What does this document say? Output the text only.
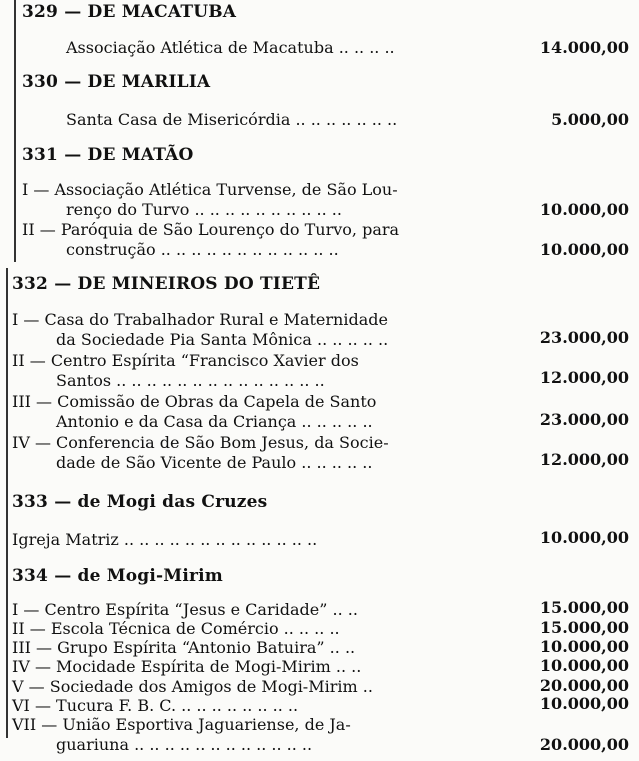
329 — DE MACATUBA
Associação Atlética de Macatuba .. .. .. ..	14.000,00
330 — DE MARILIA
Santa Casa de Misericórdia .. .. .. .. .. .. ..	5.000,00
331 — DE MATÃO
I — Associação Atlética Turvense, de São Lou-
renço do Turvo .. .. .. .. .. .. .. .. .. ..	10.000,00
II — Paróquia de São Lourenço do Turvo, para
construção .. .. .. .. .. .. .. .. .. .. .. ..	10.000,00
332 — DE MINEIROS DO TIETÊ
I — Casa do Trabalhador Rural e Maternidade
da Sociedade Pia Santa Mônica .. .. .. .. ..	23.000,00
II — Centro Espírita “Francisco Xavier dos
Santos .. .. .. .. .. .. .. .. .. .. .. .. .. ..	12.000,00
III — Comissão de Obras da Capela de Santo
Antonio e da Casa da Criança .. .. .. .. ..	23.000,00
IV — Conferencia de São Bom Jesus, da Socie-
dade de São Vicente de Paulo .. .. .. .. ..	12.000,00
333 — de Mogi das Cruzes
Igreja Matriz .. .. .. .. .. .. .. .. .. .. .. .. ..	10.000,00
334 — de Mogi-Mirim
I — Centro Espírita “Jesus e Caridade” .. ..	15.000,00
II — Escola Técnica de Comércio .. .. .. ..	15.000,00
III — Grupo Espírita “Antonio Batuira” .. ..	10.000,00
IV — Mocidade Espírita de Mogi-Mirim .. ..	10.000,00
V — Sociedade dos Amigos de Mogi-Mirim ..	20.000,00
VI — Tucura F. B. C. .. .. .. .. .. .. .. ..	10.000,00
VII — União Esportiva Jaguariense, de Ja-
guariuna .. .. .. .. .. .. .. .. .. .. .. ..	20.000,00
